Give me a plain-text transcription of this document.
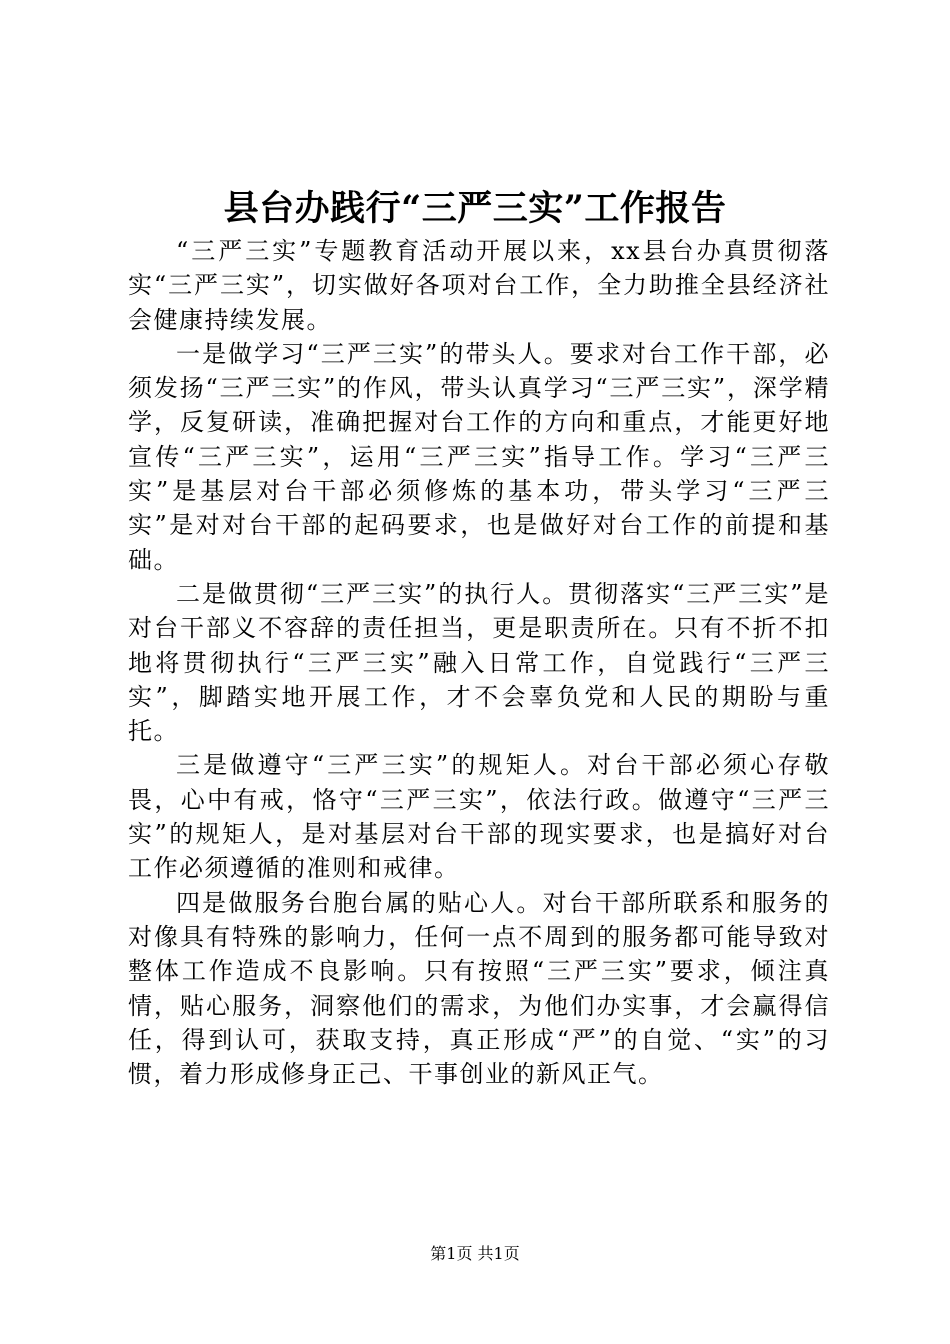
县台办践行“三严三实”工作报告

“三严三实”专题教育活动开展以来，xx县台办真贯彻落实“三严三实”，切实做好各项对台工作，全力助推全县经济社会健康持续发展。

一是做学习“三严三实”的带头人。要求对台工作干部，必须发扬“三严三实”的作风，带头认真学习“三严三实”，深学精学，反复研读，准确把握对台工作的方向和重点，才能更好地宣传“三严三实”，运用“三严三实”指导工作。学习“三严三实”是基层对台干部必须修炼的基本功，带头学习“三严三实”是对对台干部的起码要求，也是做好对台工作的前提和基础。

二是做贯彻“三严三实”的执行人。贯彻落实“三严三实”是对台干部义不容辞的责任担当，更是职责所在。只有不折不扣地将贯彻执行“三严三实”融入日常工作，自觉践行“三严三实”，脚踏实地开展工作，才不会辜负党和人民的期盼与重托。

三是做遵守“三严三实”的规矩人。对台干部必须心存敬畏，心中有戒，恪守“三严三实”，依法行政。做遵守“三严三实”的规矩人，是对基层对台干部的现实要求，也是搞好对台工作必须遵循的准则和戒律。

四是做服务台胞台属的贴心人。对台干部所联系和服务的对像具有特殊的影响力，任何一点不周到的服务都可能导致对整体工作造成不良影响。只有按照“三严三实”要求，倾注真情，贴心服务，洞察他们的需求，为他们办实事，才会赢得信任，得到认可，获取支持，真正形成“严”的自觉、“实”的习惯，着力形成修身正己、干事创业的新风正气。

第1页 共1页
